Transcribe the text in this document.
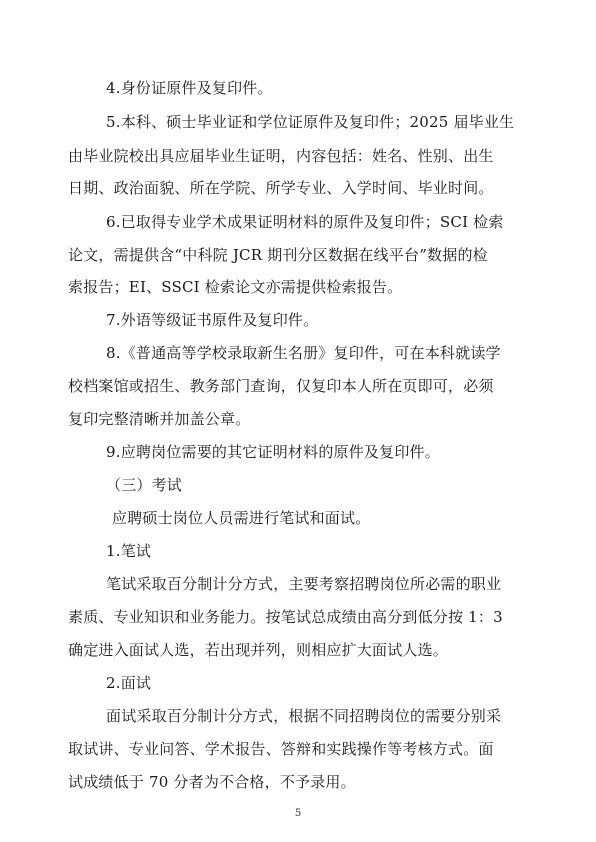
4.身份证原件及复印件。
5.本科、硕士毕业证和学位证原件及复印件；2025 届毕业生
由毕业院校出具应届毕业生证明，内容包括：姓名、性别、出生
日期、政治面貌、所在学院、所学专业、入学时间、毕业时间。
6.已取得专业学术成果证明材料的原件及复印件；SCI 检索
论文，需提供含“中科院 JCR 期刊分区数据在线平台”数据的检
索报告；EI、SSCI 检索论文亦需提供检索报告。
7.外语等级证书原件及复印件。
8.《普通高等学校录取新生名册》复印件，可在本科就读学
校档案馆或招生、教务部门查询，仅复印本人所在页即可，必须
复印完整清晰并加盖公章。
9.应聘岗位需要的其它证明材料的原件及复印件。
（三）考试
应聘硕士岗位人员需进行笔试和面试。
1.笔试
笔试采取百分制计分方式，主要考察招聘岗位所必需的职业
素质、专业知识和业务能力。按笔试总成绩由高分到低分按 1：3
确定进入面试人选，若出现并列，则相应扩大面试人选。
2.面试
面试采取百分制计分方式，根据不同招聘岗位的需要分别采
取试讲、专业问答、学术报告、答辩和实践操作等考核方式。面
试成绩低于 70 分者为不合格，不予录用。
5
